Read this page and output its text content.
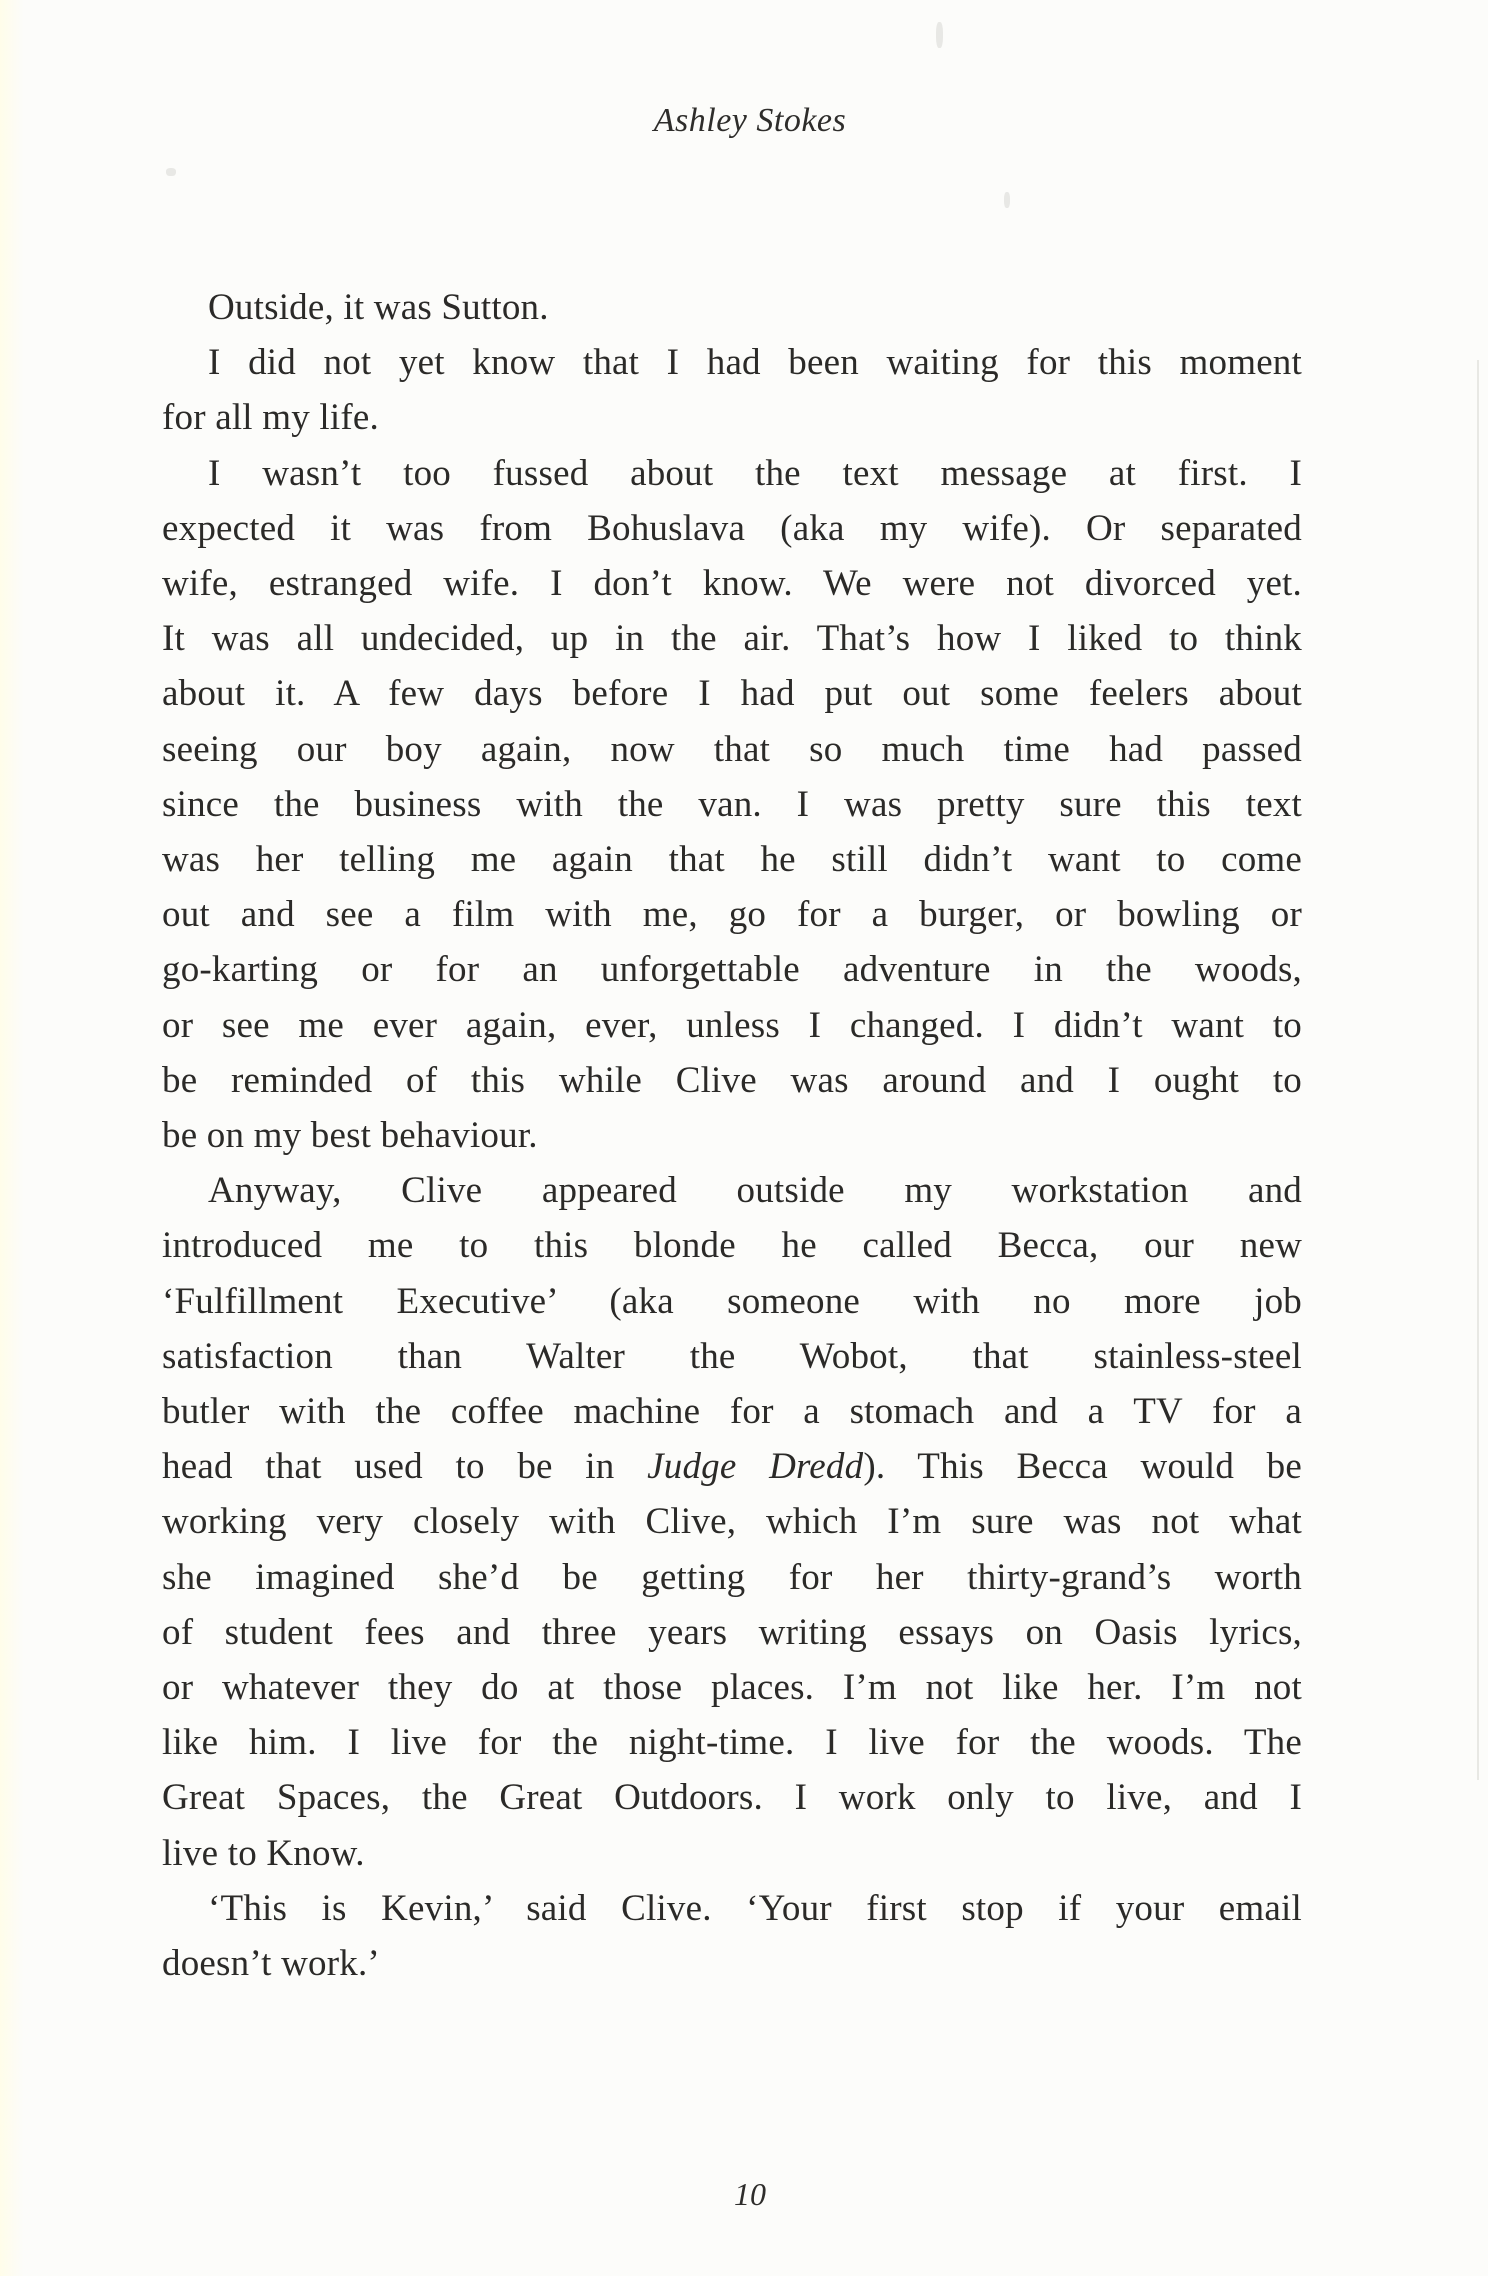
Ashley Stokes
Outside, it was Sutton.
I did not yet know that I had been waiting for this moment
for all my life.
I wasn’t too fussed about the text message at first. I
expected it was from Bohuslava (aka my wife). Or separated
wife, estranged wife. I don’t know. We were not divorced yet.
It was all undecided, up in the air. That’s how I liked to think
about it. A few days before I had put out some feelers about
seeing our boy again, now that so much time had passed
since the business with the van. I was pretty sure this text
was her telling me again that he still didn’t want to come
out and see a film with me, go for a burger, or bowling or
go-karting or for an unforgettable adventure in the woods,
or see me ever again, ever, unless I changed. I didn’t want to
be reminded of this while Clive was around and I ought to
be on my best behaviour.
Anyway, Clive appeared outside my workstation and
introduced me to this blonde he called Becca, our new
‘Fulfillment Executive’ (aka someone with no more job
satisfaction than Walter the Wobot, that stainless-steel
butler with the coffee machine for a stomach and a TV for a
head that used to be in Judge Dredd). This Becca would be
working very closely with Clive, which I’m sure was not what
she imagined she’d be getting for her thirty-grand’s worth
of student fees and three years writing essays on Oasis lyrics,
or whatever they do at those places. I’m not like her. I’m not
like him. I live for the night-time. I live for the woods. The
Great Spaces, the Great Outdoors. I work only to live, and I
live to Know.
‘This is Kevin,’ said Clive. ‘Your first stop if your email
doesn’t work.’
10
